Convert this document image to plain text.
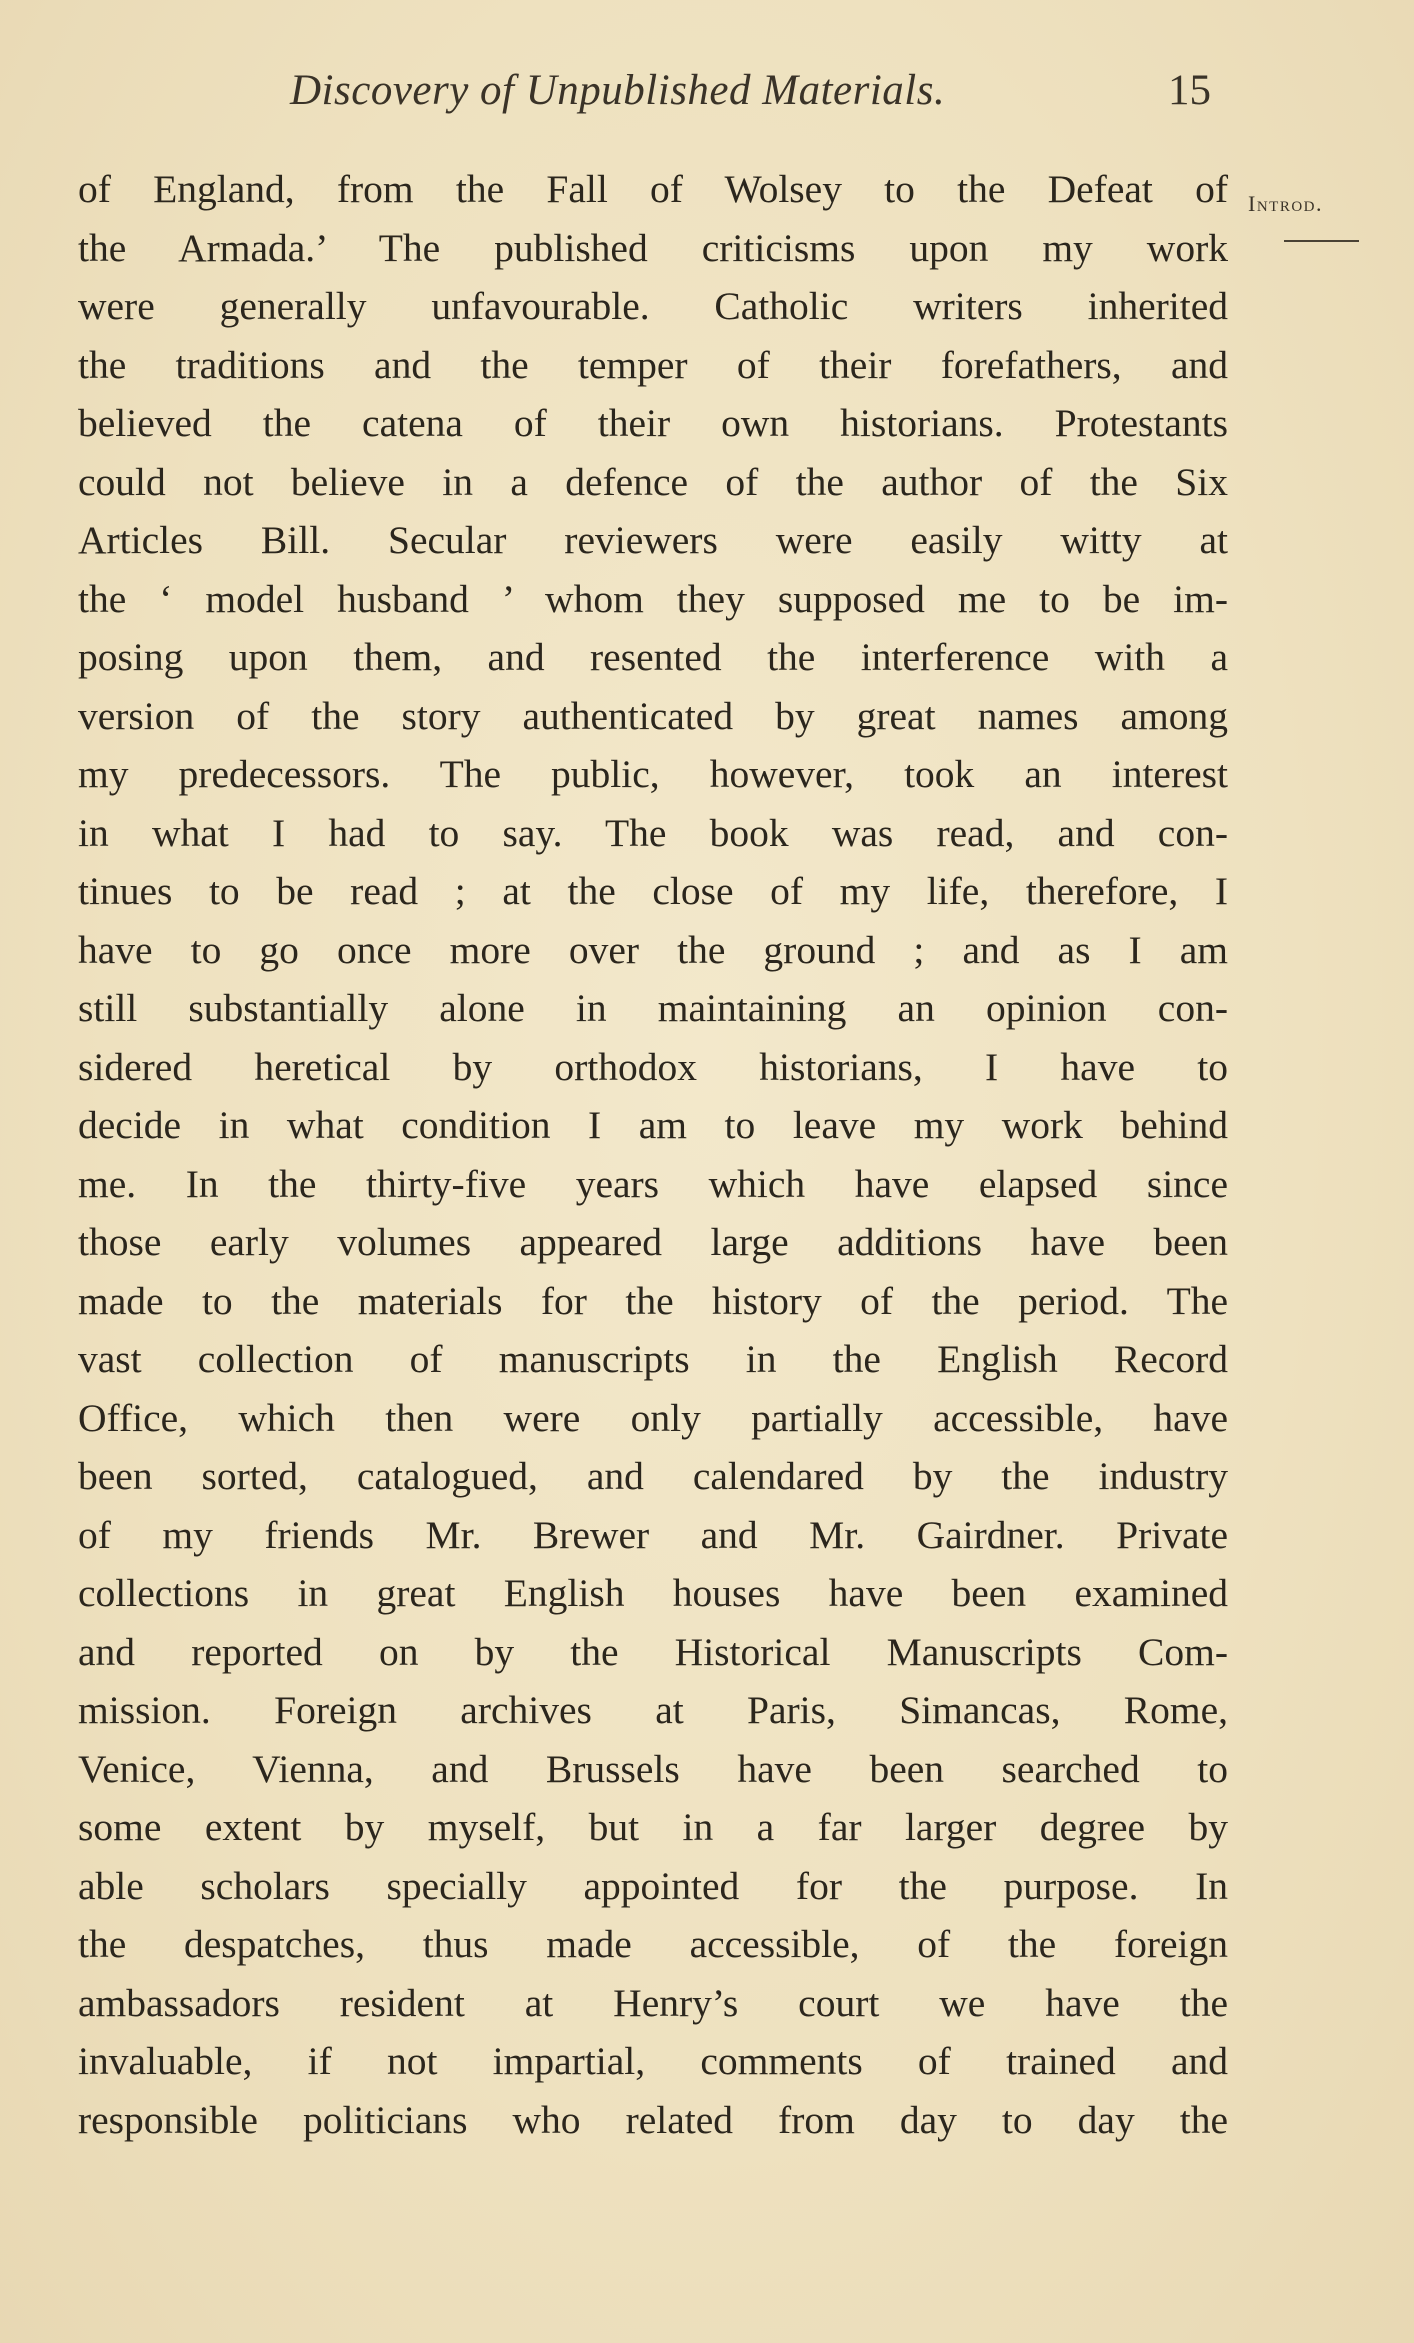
Discovery of Unpublished Materials.	15
Introd.
of England, from the Fall of Wolsey to the Defeat of
the Armada.’ The published criticisms upon my work
were generally unfavourable. Catholic writers inherited
the traditions and the temper of their forefathers, and
believed the catena of their own historians. Protestants
could not believe in a defence of the author of the Six
Articles Bill. Secular reviewers were easily witty at
the ‘ model husband ’ whom they supposed me to be im-
posing upon them, and resented the interference with a
version of the story authenticated by great names among
my predecessors. The public, however, took an interest
in what I had to say. The book was read, and con-
tinues to be read ; at the close of my life, therefore, I
have to go once more over the ground ; and as I am
still substantially alone in maintaining an opinion con-
sidered heretical by orthodox historians, I have to
decide in what condition I am to leave my work behind
me. In the thirty-five years which have elapsed since
those early volumes appeared large additions have been
made to the materials for the history of the period. The
vast collection of manuscripts in the English Record
Office, which then were only partially accessible, have
been sorted, catalogued, and calendared by the industry
of my friends Mr. Brewer and Mr. Gairdner. Private
collections in great English houses have been examined
and reported on by the Historical Manuscripts Com-
mission. Foreign archives at Paris, Simancas, Rome,
Venice, Vienna, and Brussels have been searched to
some extent by myself, but in a far larger degree by
able scholars specially appointed for the purpose. In
the despatches, thus made accessible, of the foreign
ambassadors resident at Henry’s court we have the
invaluable, if not impartial, comments of trained and
responsible politicians who related from day to day the
